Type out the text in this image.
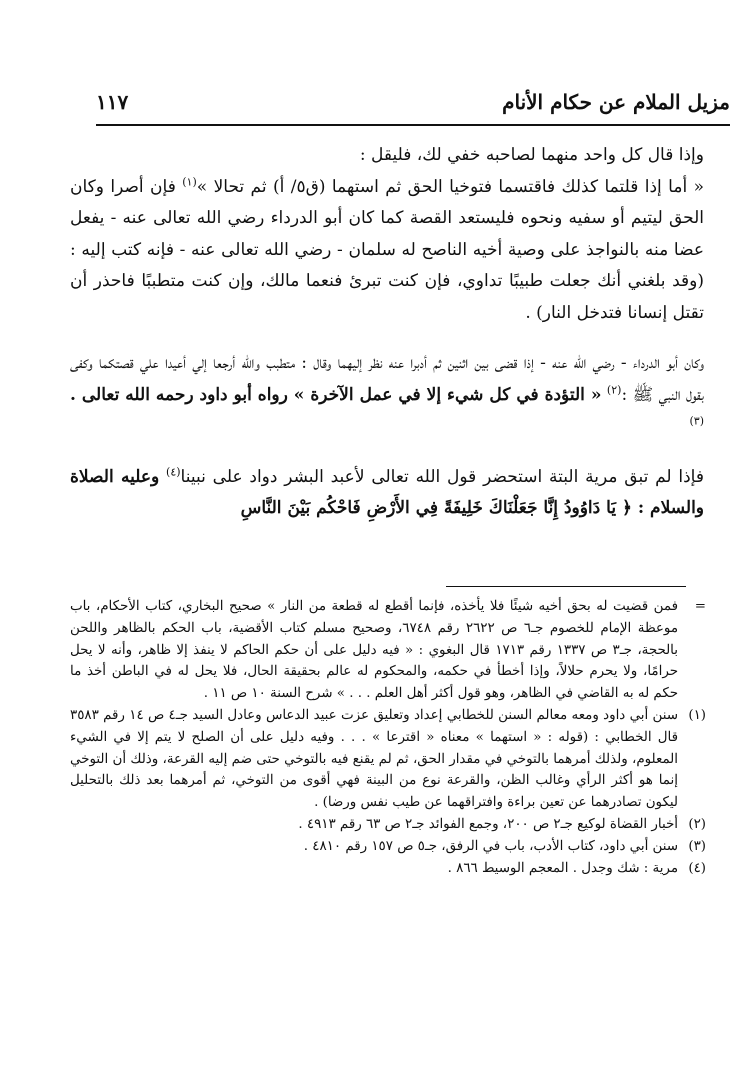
مزيل الملام عن حكام الأنام
١١٧

وإذا قال كل واحد منهما لصاحبه خفي لك، فليقل :

« أما إذا قلتما كذلك فاقتسما فتوخيا الحق ثم استهما (ق٥/ أ) ثم تحالا »$^{(١)}$ فإن أصرا وكان الحق ليتيم أو سفيه ونحوه فليستعد القصة كما كان أبو الدرداء رضي الله تعالى عنه - يفعل عضا منه بالنواجذ على وصية أخيه الناصح له سلمان - رضي الله تعالى عنه - فإنه كتب إليه : (وقد بلغني أنك جعلت طبيبًا تداوي، فإن كنت تبرئ فنعما مالك، وإن كنت متطببًا فاحذر أن تقتل إنسانا فتدخل النار) .

وكان أبو الدرداء - رضي الله عنه - إذا قضى بين اثنين ثم أدبرا عنه نظر إليهما وقال : متطبب والله أرجعا إلي أعيدا علي قصتكما وكفى بقول النبي ﷺ :$^{(٢)}$ « التؤدة في كل شيء إلا في عمل الآخرة » رواه أبو داود رحمه الله تعالى .$^{(٣)}$

فإذا لم تبق مرية البتة استحضر قول الله تعالى لأعبد البشر دواد على نبينا$^{(٤)}$ وعليه الصلاة والسلام : ﴿ يَا دَاوُودُ إِنَّا جَعَلْنَاكَ خَلِيفَةً فِي الأَرْضِ فَاحْكُم بَيْنَ النَّاسِ

=
فمن قضيت له بحق أخيه شيئًا فلا يأخذه، فإنما أقطع له قطعة من النار » صحيح البخاري، كتاب الأحكام، باب موعظة الإمام للخصوم جـ٦ ص ٢٦٢٢ رقم ٦٧٤٨، وصحيح مسلم كتاب الأقضية، باب الحكم بالظاهر واللحن بالحجة، جـ٣ ص ١٣٣٧ رقم ١٧١٣ قال البغوي : « فيه دليل على أن حكم الحاكم لا ينفذ إلا ظاهر، وأنه لا يحل حرامًا، ولا يحرم حلالاً، وإذا أخطأ في حكمه، والمحكوم له عالم بحقيقة الحال، فلا يحل له في الباطن أخذ ما حكم له به القاضي في الظاهر، وهو قول أكثر أهل العلم . . . » شرح السنة ١٠ ص ١١ .
(١)
سنن أبي داود ومعه معالم السنن للخطابي إعداد وتعليق عزت عبيد الدعاس وعادل السيد جـ٤ ص ١٤ رقم ٣٥٨٣ قال الخطابي : (قوله : « استهما » معناه « اقترعا » . . . وفيه دليل على أن الصلح لا يتم إلا في الشيء المعلوم، ولذلك أمرهما بالتوخي في مقدار الحق، ثم لم يقنع فيه بالتوخي حتى ضم إليه القرعة، وذلك أن التوخي إنما هو أكثر الرأي وغالب الظن، والقرعة نوع من البينة فهي أقوى من التوخي، ثم أمرهما بعد ذلك بالتحليل ليكون تصادرهما عن تعين براءة وافتراقهما عن طيب نفس ورضا) .
(٢)
أخبار القضاة لوكيع جـ٢ ص ٢٠٠، وجمع الفوائد جـ٢ ص ٦٣ رقم ٤٩١٣ .
(٣)
سنن أبي داود، كتاب الأدب، باب في الرفق، جـ٥ ص ١٥٧ رقم ٤٨١٠ .
(٤)
مرية : شك وجدل . المعجم الوسيط ٨٦٦ .
